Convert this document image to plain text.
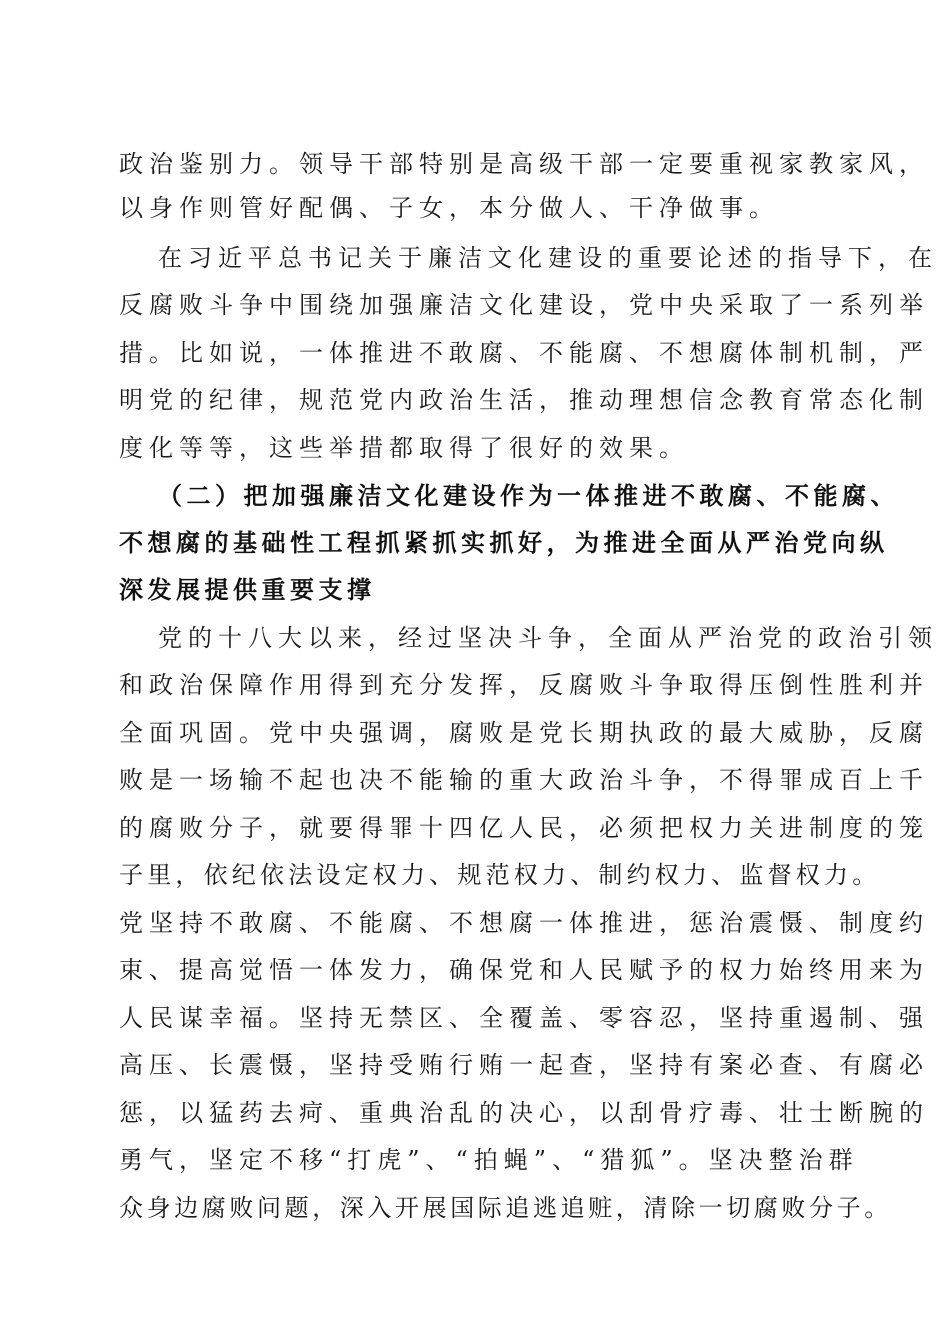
政治鉴别力。领导干部特别是高级干部一定要重视家教家风，

以身作则管好配偶、子女，本分做人、干净做事。

在习近平总书记关于廉洁文化建设的重要论述的指导下，在

反腐败斗争中围绕加强廉洁文化建设，党中央采取了一系列举

措。比如说，一体推进不敢腐、不能腐、不想腐体制机制，严

明党的纪律，规范党内政治生活，推动理想信念教育常态化制

度化等等，这些举措都取得了很好的效果。

（二）把加强廉洁文化建设作为一体推进不敢腐、不能腐、

不想腐的基础性工程抓紧抓实抓好，为推进全面从严治党向纵

深发展提供重要支撑

党的十八大以来，经过坚决斗争，全面从严治党的政治引领

和政治保障作用得到充分发挥，反腐败斗争取得压倒性胜利并

全面巩固。党中央强调，腐败是党长期执政的最大威胁，反腐

败是一场输不起也决不能输的重大政治斗争，不得罪成百上千

的腐败分子，就要得罪十四亿人民，必须把权力关进制度的笼

子里，依纪依法设定权力、规范权力、制约权力、监督权力。

党坚持不敢腐、不能腐、不想腐一体推进，惩治震慑、制度约

束、提高觉悟一体发力，确保党和人民赋予的权力始终用来为

人民谋幸福。坚持无禁区、全覆盖、零容忍，坚持重遏制、强

高压、长震慑，坚持受贿行贿一起查，坚持有案必查、有腐必

惩，以猛药去疴、重典治乱的决心，以刮骨疗毒、壮士断腕的

勇气，坚定不移“打虎”、“拍蝇”、“猎狐”。坚决整治群

众身边腐败问题，深入开展国际追逃追赃，清除一切腐败分子。
